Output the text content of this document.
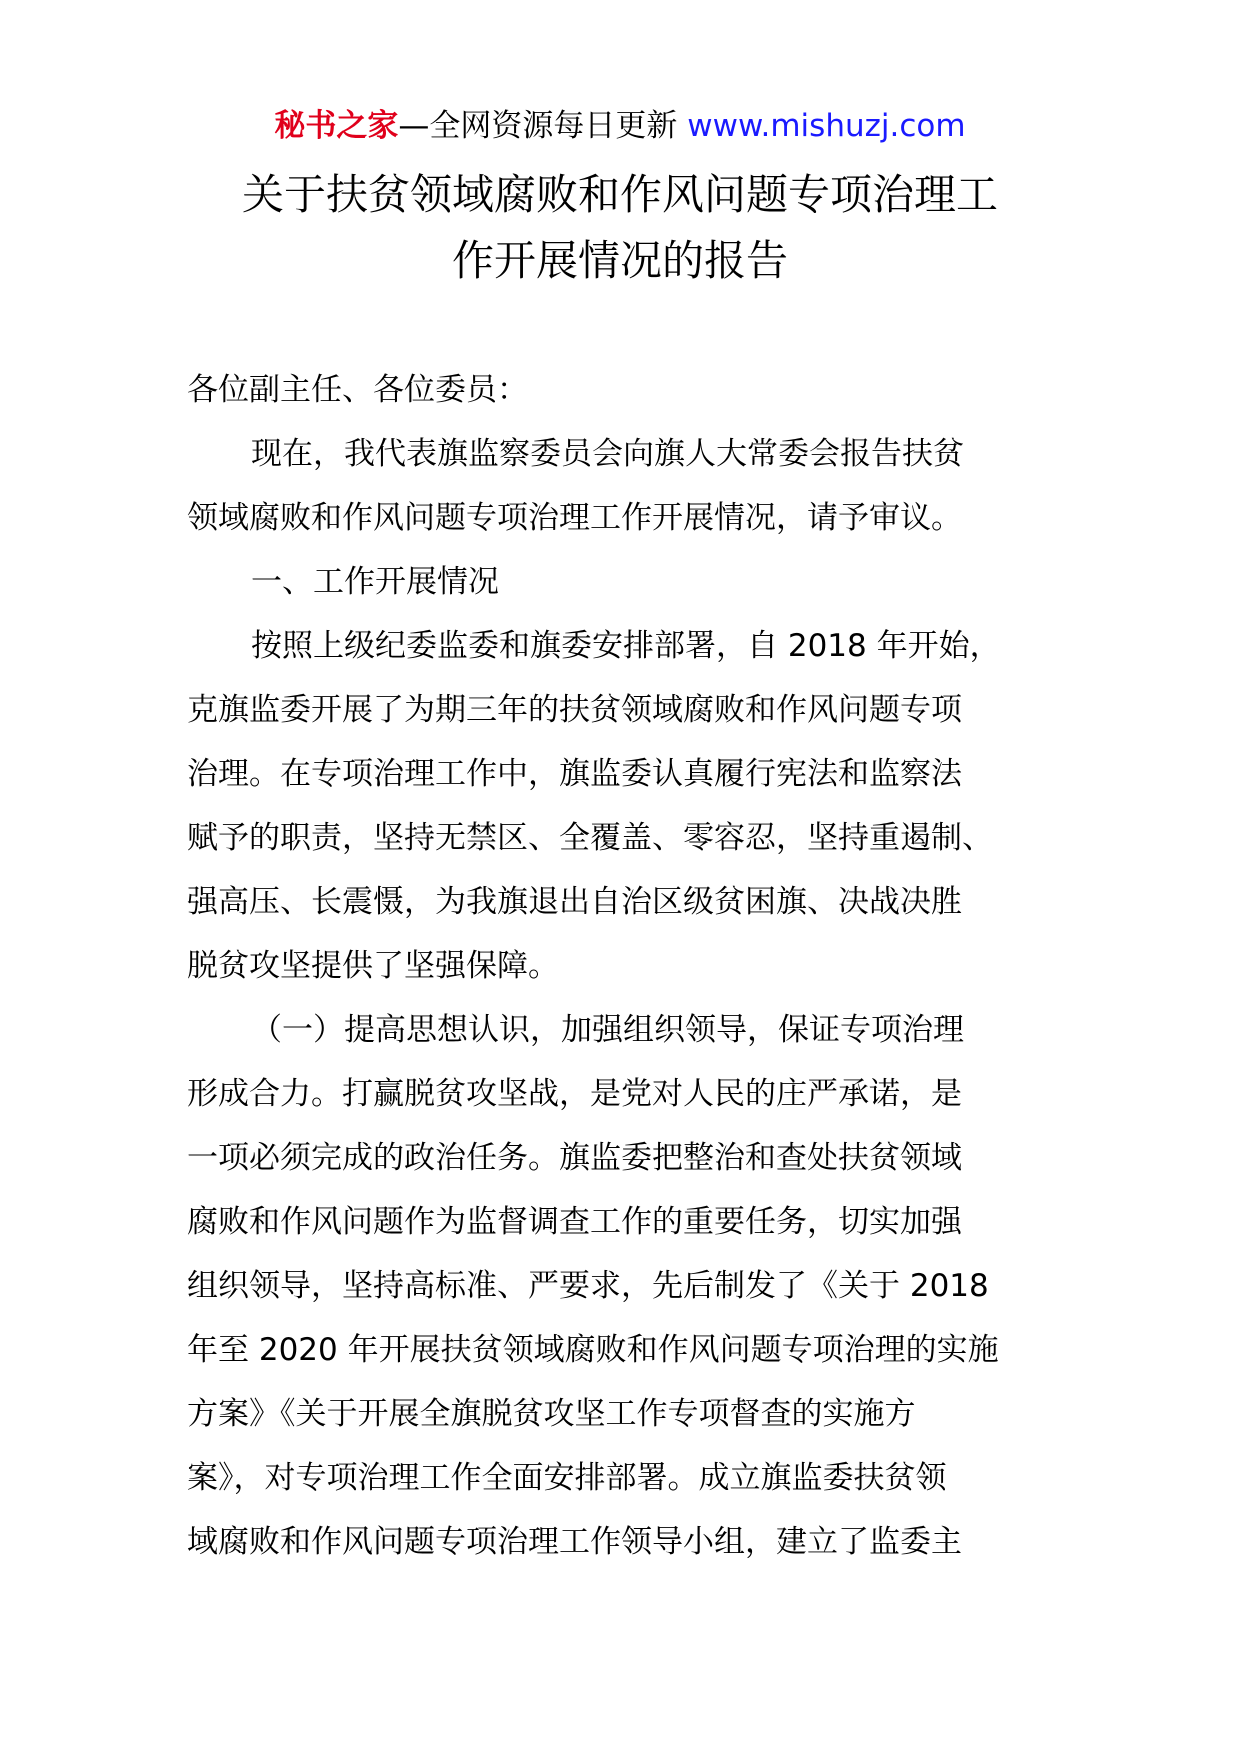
秘书之家—全网资源每日更新 www.mishuzj.com
关于扶贫领域腐败和作风问题专项治理工
作开展情况的报告
各位副主任、各位委员：
现在，我代表旗监察委员会向旗人大常委会报告扶贫
领域腐败和作风问题专项治理工作开展情况，请予审议。
一、工作开展情况
按照上级纪委监委和旗委安排部署，自 2018 年开始，
克旗监委开展了为期三年的扶贫领域腐败和作风问题专项
治理。在专项治理工作中，旗监委认真履行宪法和监察法
赋予的职责，坚持无禁区、全覆盖、零容忍，坚持重遏制、
强高压、长震慑，为我旗退出自治区级贫困旗、决战决胜
脱贫攻坚提供了坚强保障。
（一）提高思想认识，加强组织领导，保证专项治理
形成合力。打赢脱贫攻坚战，是党对人民的庄严承诺，是
一项必须完成的政治任务。旗监委把整治和查处扶贫领域
腐败和作风问题作为监督调查工作的重要任务，切实加强
组织领导，坚持高标准、严要求，先后制发了《关于 2018
年至 2020 年开展扶贫领域腐败和作风问题专项治理的实施
方案》《关于开展全旗脱贫攻坚工作专项督查的实施方
案》，对专项治理工作全面安排部署。成立旗监委扶贫领
域腐败和作风问题专项治理工作领导小组，建立了监委主
